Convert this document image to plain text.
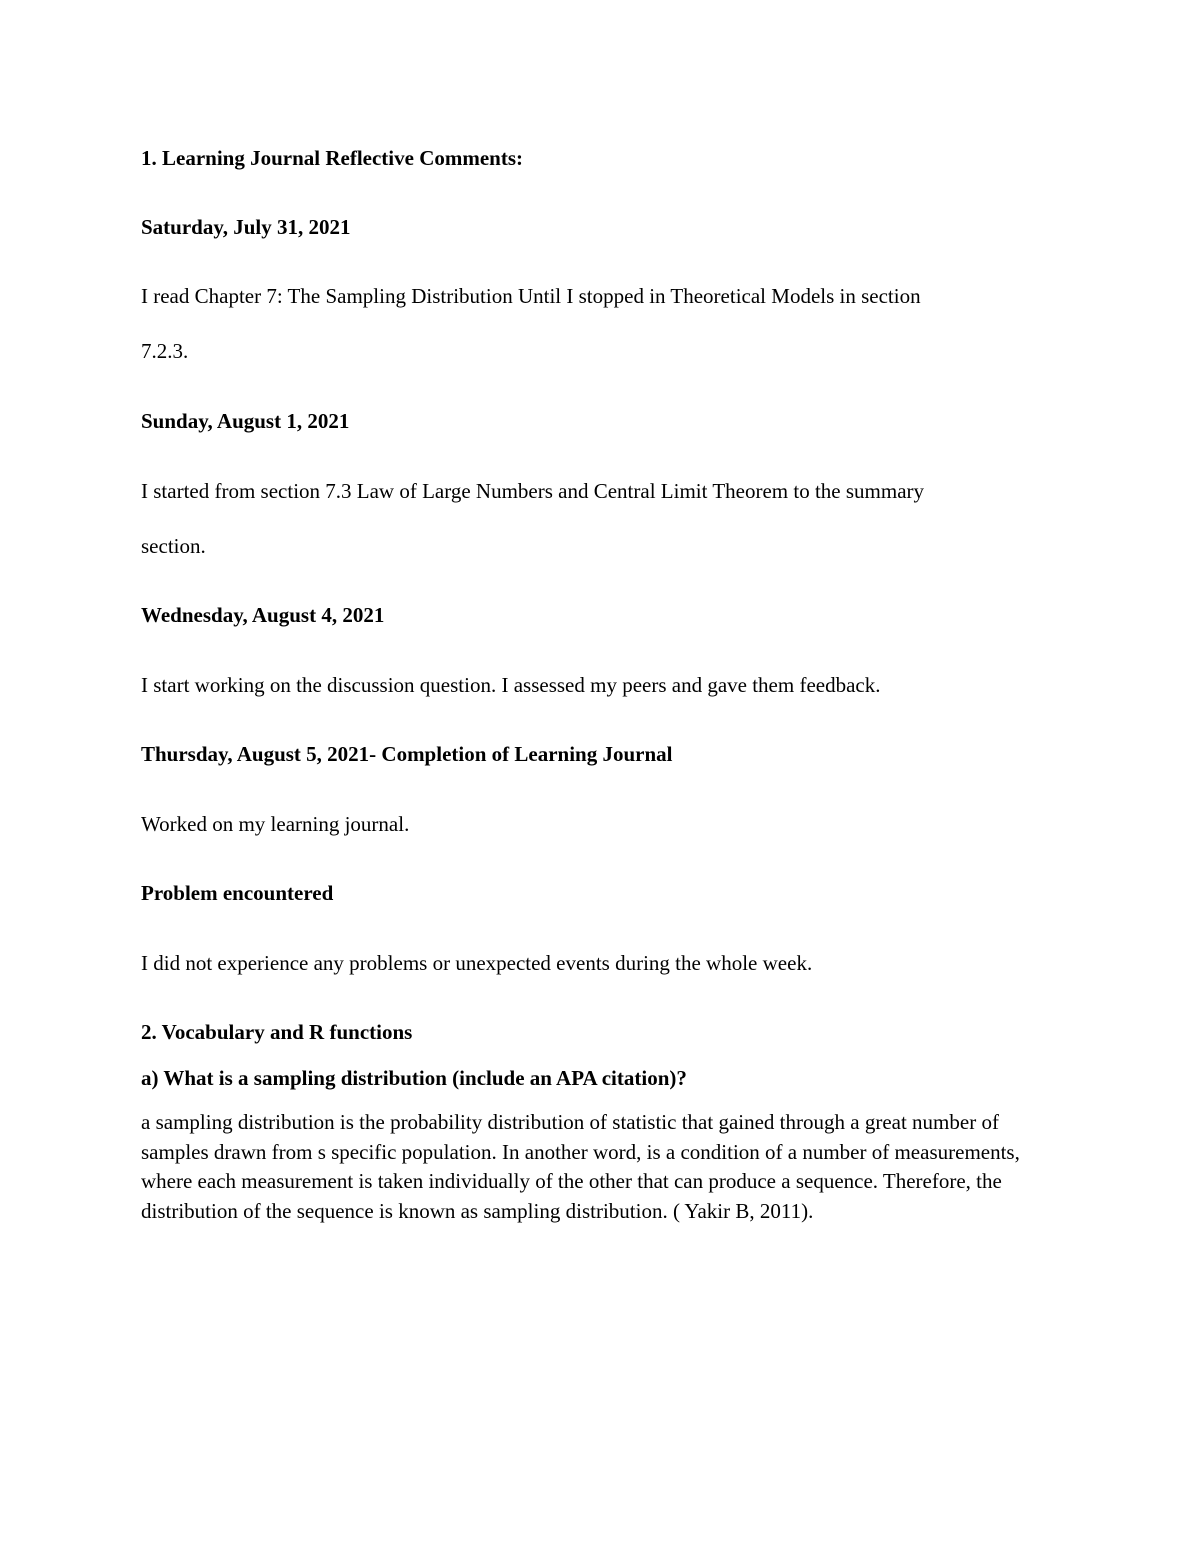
1. Learning Journal Reflective Comments:
Saturday, July 31, 2021
I read Chapter 7: The Sampling Distribution Until I stopped in Theoretical Models in section
7.2.3.
Sunday, August 1, 2021
I started from section 7.3 Law of Large Numbers and Central Limit Theorem to the summary
section.
Wednesday, August 4, 2021
I start working on the discussion question. I assessed my peers and gave them feedback.
Thursday, August 5, 2021- Completion of Learning Journal
Worked on my learning journal.
Problem encountered
I did not experience any problems or unexpected events during the whole week.
2. Vocabulary and R functions
a) What is a sampling distribution (include an APA citation)?
a sampling distribution is the probability distribution of statistic that gained through a great number of samples drawn from s specific population. In another word, is a condition of a number of measurements, where each measurement is taken individually of the other that can produce a sequence. Therefore, the distribution of the sequence is known as sampling distribution. ( Yakir B, 2011).
